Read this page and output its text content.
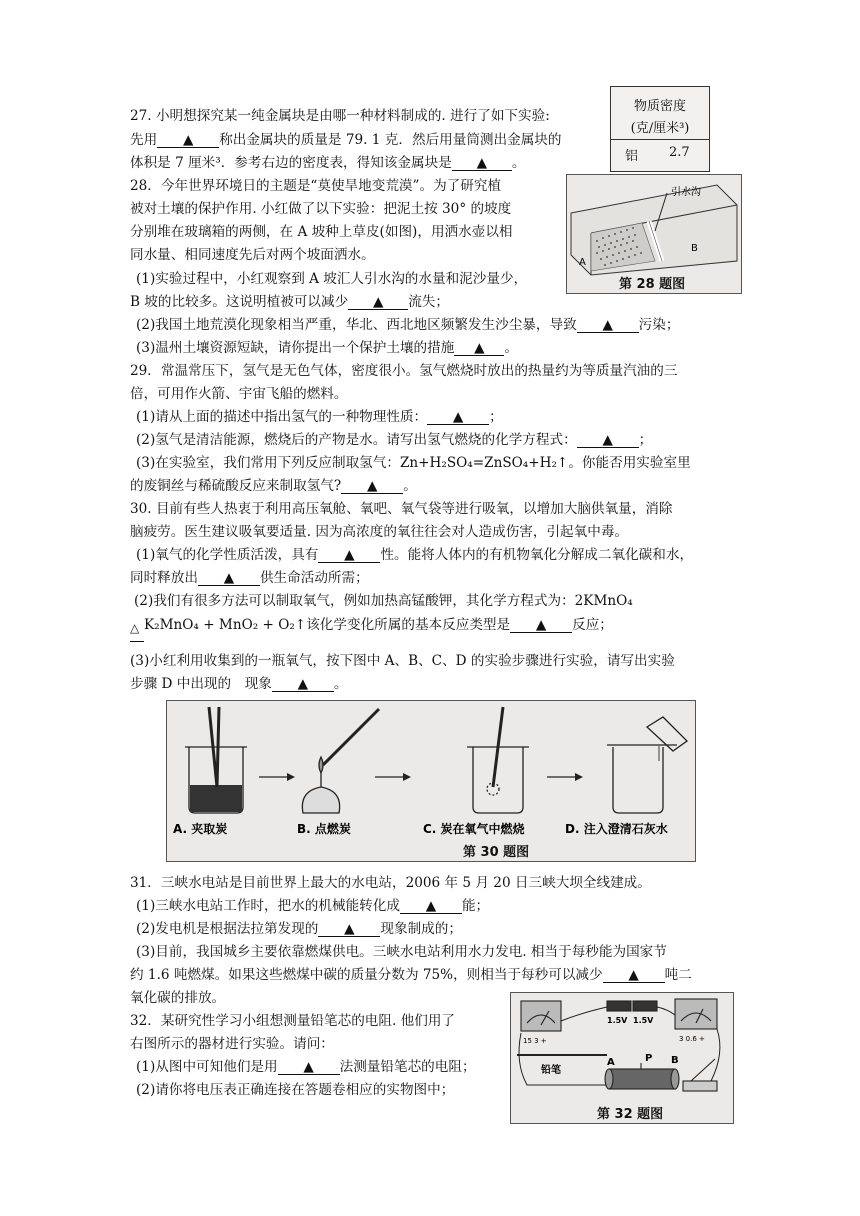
27. 小明想探究某一纯金属块是由哪一种材料制成的. 进行了如下实验:
先用 ▲ 称出金属块的质量是 79. 1 克．然后用量筒测出金属块的
体积是 7 厘米³．参考右边的密度表，得知该金属块是 ▲ 。
物质密度
(克/厘米³)
铝 2.7
28．今年世界环境日的主题是“莫使旱地变荒漠”。为了研究植
被对土壤的保护作用. 小红做了以下实验：把泥土按 30° 的坡度
分别堆在玻璃箱的两侧，在 A 坡种上草皮(如图)，用洒水壶以相
同水量、相同速度先后对两个坡面洒水。
(1)实验过程中，小红观察到 A 坡汇人引水沟的水量和泥沙量少，
B 坡的比较多。这说明植被可以减少 ▲ 流失；
(2)我国土地荒漠化现象相当严重，华北、西北地区频繁发生沙尘暴，导致 ▲ 污染；
(3)温州土壤资源短缺，请你提出一个保护土壤的措施 ▲ 。
引水沟
A
B
第 28 题图
29．常温常压下，氢气是无色气体，密度很小。氢气燃烧时放出的热量约为等质量汽油的三
倍，可用作火箭、宇宙飞船的燃料。
(1)请从上面的描述中指出氢气的一种物理性质： ▲ ；
(2)氢气是清洁能源，燃烧后的产物是水。请写出氢气燃烧的化学方程式： ▲ ；
(3)在实验室，我们常用下列反应制取氢气：Zn+H₂SO₄=ZnSO₄+H₂↑。你能否用实验室里
的废铜丝与稀硫酸反应来制取氢气? ▲ 。
30. 目前有些人热衷于利用高压氧舱、氧吧、氧气袋等进行吸氧，以增加大脑供氧量，消除
脑疲劳。医生建议吸氧要适量. 因为高浓度的氧往往会对人造成伤害，引起氧中毒。
(1)氧气的化学性质活泼，具有 ▲ 性。能将人体内的有机物氧化分解成二氧化碳和水，
同时释放出 ▲ 供生命活动所需；
(2)我们有很多方法可以制取氧气，例如加热高锰酸钾，其化学方程式为：2KMnO₄
△ K₂MnO₄ + MnO₂ + O₂↑该化学变化所属的基本反应类型是 ▲ 反应；
(3)小红利用收集到的一瓶氧气，按下图中 A、B、C、D 的实验步骤进行实验，请写出实验
步骤 D 中出现的　现象 ▲ 。
A. 夹取炭	B. 点燃炭	C. 炭在氧气中燃烧	D. 注入澄清石灰水
第 30 题图
31．三峡水电站是目前世界上最大的水电站，2006 年 5 月 20 日三峡大坝全线建成。
(1)三峡水电站工作时，把水的机械能转化成 ▲ 能；
(2)发电机是根据法拉第发现的 ▲ 现象制成的；
(3)目前，我国城乡主要依靠燃煤供电。三峡水电站利用水力发电. 相当于每秒能为国家节
约 1.6 吨燃煤。如果这些燃煤中碳的质量分数为 75%，则相当于每秒可以减少 ▲ 吨二
氧化碳的排放。
32．某研究性学习小组想测量铅笔芯的电阻. 他们用了
右图所示的器材进行实验。请问：
(1)从图中可知他们是用 ▲ 法测量铅笔芯的电阻；
(2)请你将电压表正确连接在答题卷相应的实物图中；
15 3 +	3 0.6 +
1.5V 1.5V
铅笔
A	P B
第 32 题图
